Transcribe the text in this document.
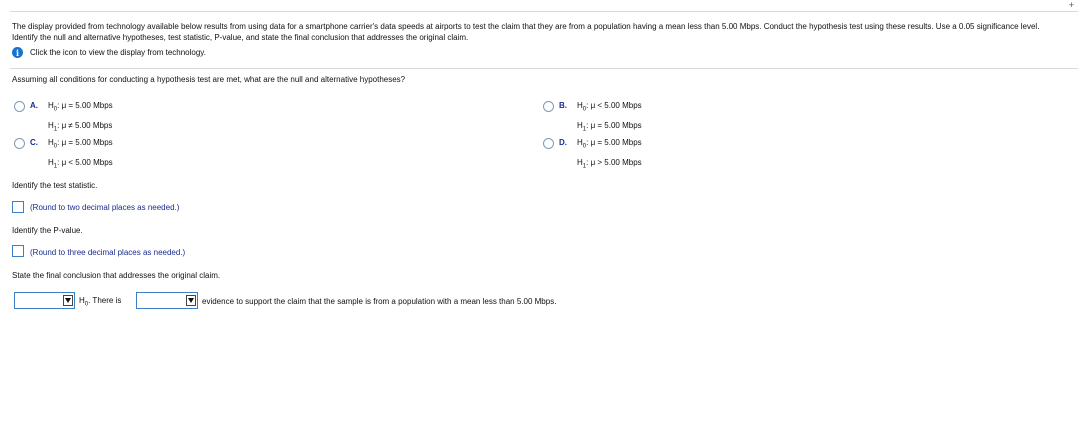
+
The display provided from technology available below results from using data for a smartphone carrier's data speeds at airports to test the claim that they are from a population having a mean less than 5.00 Mbps. Conduct the hypothesis test using these results. Use a 0.05 significance level. Identify the null and alternative hypotheses, test statistic, P-value, and state the final conclusion that addresses the original claim.
i	Click the icon to view the display from technology.
Assuming all conditions for conducting a hypothesis test are met, what are the null and alternative hypotheses?
A.	$H_0$: μ = 5.00 Mbps
$H_1$: μ ≠ 5.00 Mbps
B.	$H_0$: μ < 5.00 Mbps
$H_1$: μ = 5.00 Mbps
C.	$H_0$: μ = 5.00 Mbps
$H_1$: μ < 5.00 Mbps
D.	$H_0$: μ = 5.00 Mbps
$H_1$: μ > 5.00 Mbps
Identify the test statistic.
(Round to two decimal places as needed.)
Identify the P-value.
(Round to three decimal places as needed.)
State the final conclusion that addresses the original claim.
$H_0$. There is	evidence to support the claim that the sample is from a population with a mean less than 5.00 Mbps.
